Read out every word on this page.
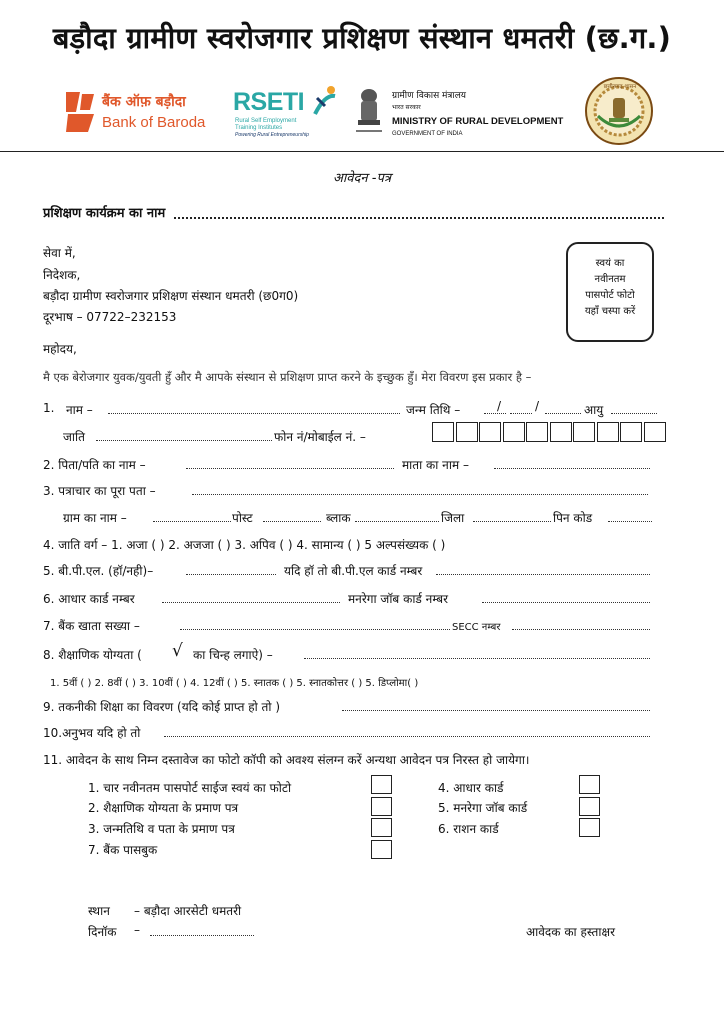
बड़ौदा ग्रामीण स्वरोजगार प्रशिक्षण संस्थान धमतरी (छ.ग.)
बैंक ऑफ़ बड़ौदा
Bank of Baroda
RSETI
Rural Self Employment
Training Institutes
Powering Rural Entrepreneurship
ग्रामीण विकास मंत्रालय
भारत सरकार
MINISTRY OF RURAL DEVELOPMENT
GOVERNMENT OF INDIA
छत्तीसगढ़ शासन
आवेदन -पत्र
प्रशिक्षण कार्यक्रम का नाम
सेवा में,
निदेशक,
बड़ौदा ग्रामीण स्वरोजगार प्रशिक्षण संस्थान धमतरी (छ0ग0)
दूरभाष – 07722–232153
स्वयं का
नवीनतम
पासपोर्ट फोटो
यहाँ चस्पा करें
महोदय,
मै एक बेरोजगार युवक/युवती हुँ और मै आपके संस्थान से प्रशिक्षण प्राप्त करने के इच्छुक हुँ। मेरा विवरण इस प्रकार है –
1. नाम –	जन्म तिथि –	/	/	आयु
जाति	फोन नं/मोबाईल नं. –
2. पिता/पति का नाम –	माता का नाम –
3. पत्राचार का पूरा पता –
ग्राम का नाम –	पोस्ट	ब्लाक	जिला	पिन कोड
4. जाति वर्ग – 1. अजा ( ) 2. अजजा ( ) 3. अपिव ( ) 4. सामान्य ( ) 5 अल्पसंख्यक ( )
5. बी.पी.एल. (हॉ/नही)–	यदि हॉ तो बी.पी.एल कार्ड नम्बर
6. आधार कार्ड नम्बर	मनरेगा जॉब कार्ड नम्बर
7. बैंक खाता सख्या –	SECC नम्बर
8. शैक्षाणिक योग्यता ( √ का चिन्ह लगाऐ) –
1. 5वीं ( ) 2. 8वीं ( ) 3. 10वीं ( ) 4. 12वीं ( ) 5. स्नातक ( ) 5. स्नातकोत्तर ( ) 5. डिप्लोमा( )
9. तकनीकी शिक्षा का विवरण (यदि कोई प्राप्त हो तो )
10.अनुभव यदि हो तो
11. आवेदन के साथ निम्न दस्तावेज का फोटो कॉपी को अवश्य संलग्न करें अन्यथा आवेदन पत्र निरस्त हो जायेगा।
1. चार नवीनतम पासपोर्ट साईज स्वयं का फोटो
2. शैक्षाणिक योग्यता के प्रमाण पत्र
3. जन्मतिथि व पता के प्रमाण पत्र
7. बैंक पासबुक
4. आधार कार्ड
5. मनरेगा जॉब कार्ड
6. राशन कार्ड
स्थान – बड़ौदा आरसेटी धमतरी
दिनॉक –	आवेदक का हस्ताक्षर
